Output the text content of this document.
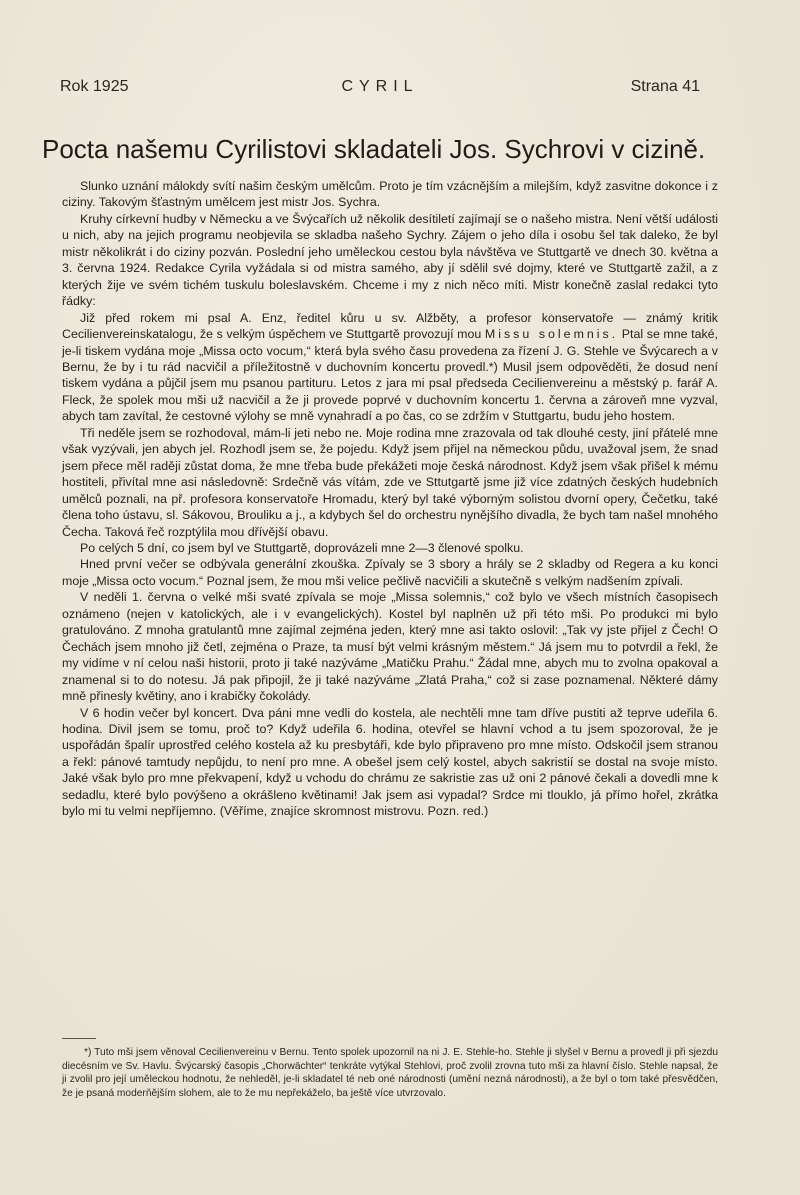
Rok 1925	CYRIL	Strana 41
Pocta našemu Cyrilistovi skladateli Jos. Sychrovi v cizině.

Slunko uznání málokdy svítí našim českým umělcům. Proto je tím vzácnějším a milejším, když zasvitne dokonce i z ciziny. Takovým šťastným umělcem jest mistr Jos. Sychra.

Kruhy církevní hudby v Německu a ve Švýcařích už několik desítiletí zajímají se o našeho mistra. Není větší události u nich, aby na jejich programu neobjevila se skladba našeho Sychry. Zájem o jeho díla i osobu šel tak daleko, že byl mistr několikrát i do ciziny pozván. Poslední jeho uměleckou cestou byla návštěva ve Stuttgartě ve dnech 30. května a 3. června 1924. Redakce Cyrila vyžádala si od mistra samého, aby jí sdělil své dojmy, které ve Stuttgartě zažil, a z kterých žije ve svém tichém tuskulu boleslavském. Chceme i my z nich něco míti. Mistr konečně zaslal redakci tyto řádky:

Již před rokem mi psal A. Enz, ředitel kůru u sv. Alžběty, a profesor konservatoře — známý kritik Cecilienvereinskatalogu, že s velkým úspěchem ve Stuttgartě provozují mou Missu solemnis. Ptal se mne také, je-li tiskem vydána moje „Missa octo vocum,“ která byla svého času provedena za řízení J. G. Stehle ve Švýcarech a v Bernu, že by i tu rád nacvičil a příležitostně v duchovním koncertu provedl.*) Musil jsem odpověděti, že dosud není tiskem vydána a půjčil jsem mu psanou partituru. Letos z jara mi psal předseda Cecilienvereinu a městský p. farář A. Fleck, že spolek mou mši už nacvičil a že ji provede poprvé v duchovním koncertu 1. června a zároveň mne vyzval, abych tam zavítal, že cestovné výlohy se mně vynahradí a po čas, co se zdržím v Stuttgartu, budu jeho hostem.

Tři neděle jsem se rozhodoval, mám-li jeti nebo ne. Moje rodina mne zrazovala od tak dlouhé cesty, jiní přátelé mne však vyzývali, jen abych jel. Rozhodl jsem se, že pojedu. Když jsem přijel na německou půdu, uvažoval jsem, že snad jsem přece měl raději zůstat doma, že mne třeba bude překážeti moje česká národnost. Když jsem však přišel k mému hostiteli, přivítal mne asi následovně: Srdečně vás vítám, zde ve Sttutgartě jsme již více zdatných českých hudebních umělců poznali, na př. profesora konservatoře Hromadu, který byl také výborným solistou dvorní opery, Čečetku, také člena toho ústavu, sl. Sákovou, Brouliku a j., a kdybych šel do orchestru nynějšího divadla, že bych tam našel mnohého Čecha. Taková řeč rozptýlila mou dřívější obavu.

Po celých 5 dní, co jsem byl ve Stuttgartě, doprovázeli mne 2—3 členové spolku.

Hned první večer se odbývala generální zkouška. Zpívaly se 3 sbory a hrály se 2 skladby od Regera a ku konci moje „Missa octo vocum.“ Poznal jsem, že mou mši velice pečlivě nacvičili a skutečně s velkým nadšením zpívali.

V neděli 1. června o velké mši svaté zpívala se moje „Missa solemnis,“ což bylo ve všech místních časopisech oznámeno (nejen v katolických, ale i v evangelických). Kostel byl naplněn už při této mši. Po produkci mi bylo gratulováno. Z mnoha gratulantů mne zajímal zejména jeden, který mne asi takto oslovil: „Tak vy jste přijel z Čech! O Čechách jsem mnoho již četl, zejména o Praze, ta musí být velmi krásným městem.“ Já jsem mu to potvrdil a řekl, že my vidíme v ní celou naši historii, proto ji také nazýváme „Matičku Prahu.“ Žádal mne, abych mu to zvolna opakoval a znamenal si to do notesu. Já pak připojil, že ji také nazýváme „Zlatá Praha,“ což si zase poznamenal. Některé dámy mně přinesly květiny, ano i krabičky čokolády.

V 6 hodin večer byl koncert. Dva páni mne vedli do kostela, ale nechtěli mne tam dříve pustiti až teprve udeřila 6. hodina. Divil jsem se tomu, proč to? Když udeřila 6. hodina, otevřel se hlavní vchod a tu jsem spozoroval, že je uspořádán špalír uprostřed celého kostela až ku presbytáři, kde bylo připraveno pro mne místo. Odskočil jsem stranou a řekl: pánové tamtudy nepůjdu, to není pro mne. A obešel jsem celý kostel, abych sakristií se dostal na svoje místo. Jaké však bylo pro mne překvapení, když u vchodu do chrámu ze sakristie zas už oni 2 pánové čekali a dovedli mne k sedadlu, které bylo povýšeno a okrášleno květinami! Jak jsem asi vypadal? Srdce mi tlouklo, já přímo hořel, zkrátka bylo mi tu velmi nepříjemno. (Věříme, znajíce skromnost mistrovu. Pozn. red.)

*) Tuto mši jsem věnoval Cecilienvereinu v Bernu. Tento spolek upozornil na ni J. E. Stehle-ho. Stehle ji slyšel v Bernu a provedl ji při sjezdu diecésním ve Sv. Havlu. Švýcarský časopis „Chorwächter“ tenkráte vytýkal Stehlovi, proč zvolil zrovna tuto mši za hlavní číslo. Stehle napsal, že ji zvolil pro její uměleckou hodnotu, že nehleděl, je-li skladatel té neb oné národnosti (umění nezná národnosti), a že byl o tom také přesvědčen, že je psaná moderňějším slohem, ale to že mu nepřekáželo, ba ještě více utvrzovalo.
